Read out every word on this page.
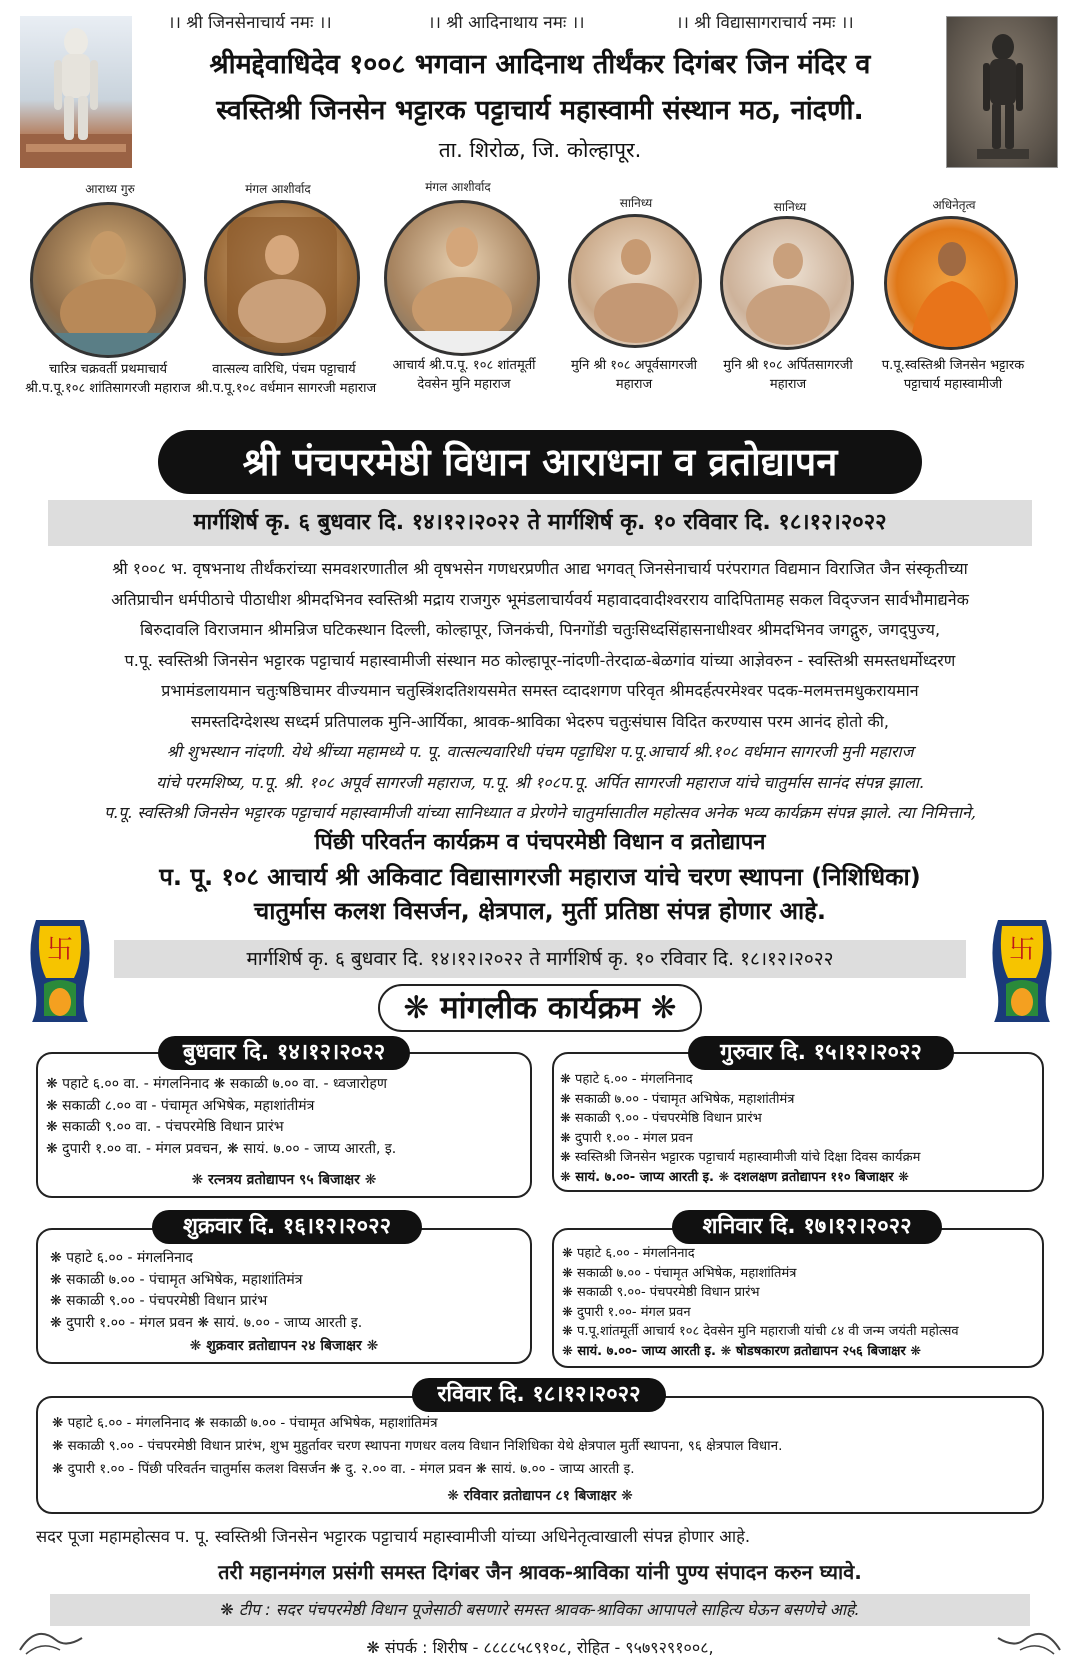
।। श्री जिनसेनाचार्य नमः ।।	।। श्री आदिनाथाय नमः ।।	।। श्री विद्यासागराचार्य नमः ।।
श्रीमद्देवाधिदेव १००८ भगवान आदिनाथ तीर्थंकर दिगंबर जिन मंदिर व
स्वस्तिश्री जिनसेन भट्टारक पट्टाचार्य महास्वामी संस्थान मठ, नांदणी.
ता. शिरोळ, जि. कोल्हापूर.
आराध्य गुरु	मंगल आशीर्वाद	मंगल आशीर्वाद
सानिध्य	सानिध्य	अधिनेतृत्व
चारित्र चक्रवर्ती प्रथमाचार्य
श्री.प.पू.१०८ शांतिसागरजी महाराज
वात्सल्य वारिधि, पंचम पट्टाचार्य
श्री.प.पू.१०८ वर्धमान सागरजी महाराज
आचार्य श्री.प.पू. १०८ शांतमूर्ती
देवसेन मुनि महाराज
मुनि श्री १०८ अपूर्वसागरजी
महाराज
मुनि श्री १०८ अर्पितसागरजी
महाराज
प.पू.स्वस्तिश्री जिनसेन भट्टारक
पट्टाचार्य महास्वामीजी
श्री पंचपरमेष्ठी विधान आराधना व व्रतोद्यापन
मार्गशिर्ष कृ. ६ बुधवार दि. १४।१२।२०२२ ते मार्गशिर्ष कृ. १० रविवार दि. १८।१२।२०२२

श्री १००८ भ. वृषभनाथ तीर्थंकरांच्या समवशरणातील श्री वृषभसेन गणधरप्रणीत आद्य भगवत् जिनसेनाचार्य परंपरागत विद्यमान विराजित जैन संस्कृतीच्या

अतिप्राचीन धर्मपीठाचे पीठाधीश श्रीमदभिनव स्वस्तिश्री मद्राय राजगुरु भूमंडलाचार्यवर्य महावादवादीश्वरराय वादिपितामह सकल विद्ज्जन सार्वभौमाद्यनेक

बिरुदावलि विराजमान श्रीमन्रिज घटिकस्थान दिल्ली, कोल्हापूर, जिनकंची, पिनगोंडी चतुःसिध्दसिंहासनाधीश्वर श्रीमदभिनव जगद्गुरु, जगद्पुज्य,

प.पू. स्वस्तिश्री जिनसेन भट्टारक पट्टाचार्य महास्वामीजी संस्थान मठ कोल्हापूर-नांदणी-तेरदाळ-बेळगांव यांच्या आज्ञेवरुन - स्वस्तिश्री समस्तधर्मोध्दरण

प्रभामंडलायमान चतुःषष्ठिचामर वीज्यमान चतुस्त्रिंशदतिशयसमेत समस्त व्दादशगण परिवृत श्रीमदर्हत्परमेश्वर पदक-मलमत्तमधुकरायमान

समस्तदिग्देशस्थ सध्दर्म प्रतिपालक मुनि-आर्यिका, श्रावक-श्राविका भेदरुप चतुःसंघास विदित करण्यास परम आनंद होतो की,

श्री शुभस्थान नांदणी. येथे श्रींच्या महामध्ये प. पू. वात्सल्यवारिधी पंचम पट्टाधिश प.पू.आचार्य श्री.१०८ वर्धमान सागरजी मुनी महाराज

यांचे परमशिष्य, प.पू. श्री. १०८ अपूर्व सागरजी महाराज, प.पू. श्री १०८प.पू. अर्पित सागरजी महाराज यांचे चातुर्मास सानंद संपन्न झाला.

प.पू. स्वस्तिश्री जिनसेन भट्टारक पट्टाचार्य महास्वामीजी यांच्या सानिध्यात व प्रेरणेने चातुर्मासातील महोत्सव अनेक भव्य कार्यक्रम संपन्न झाले. त्या निमित्ताने,

पिंछी परिवर्तन कार्यक्रम व पंचपरमेष्ठी विधान व व्रतोद्यापन

प. पू. १०८ आचार्य श्री अकिवाट विद्यासागरजी महाराज यांचे चरण स्थापना (निशिधिका)

चातुर्मास कलश विसर्जन, क्षेत्रपाल, मुर्ती प्रतिष्ठा संपन्न होणार आहे.

卐	卐
मार्गशिर्ष कृ. ६ बुधवार दि. १४।१२।२०२२ ते मार्गशिर्ष कृ. १० रविवार दि. १८।१२।२०२२
❋ मांगलीक कार्यक्रम ❋
बुधवार दि. १४।१२।२०२२

❋ पहाटे ६.०० वा. - मंगलनिनाद ❋ सकाळी ७.०० वा. - ध्वजारोहण

❋ सकाळी ८.०० वा - पंचामृत अभिषेक, महाशांतीमंत्र

❋ सकाळी ९.०० वा. - पंचपरमेष्ठि विधान प्रारंभ

❋ दुपारी १.०० वा. - मंगल प्रवचन, ❋ सायं. ७.०० - जाप्य आरती, इ.

❋ रत्नत्रय व्रतोद्यापन ९५ बिजाक्षर ❋
गुरुवार दि. १५।१२।२०२२

❋ पहाटे ६.०० - मंगलनिनाद

❋ सकाळी ७.०० - पंचामृत अभिषेक, महाशांतीमंत्र

❋ सकाळी ९.०० - पंचपरमेष्ठि विधान प्रारंभ

❋ दुपारी १.०० - मंगल प्रवन

❋ स्वस्तिश्री जिनसेन भट्टारक पट्टाचार्य महास्वामीजी यांचे दिक्षा दिवस कार्यक्रम

❋ सायं. ७.००- जाप्य आरती इ. ❋ दशलक्षण व्रतोद्यापन ११० बिजाक्षर ❋

शुक्रवार दि. १६।१२।२०२२

❋ पहाटे ६.०० - मंगलनिनाद

❋ सकाळी ७.०० - पंचामृत अभिषेक, महाशांतिमंत्र

❋ सकाळी ९.०० - पंचपरमेष्ठी विधान प्रारंभ

❋ दुपारी १.०० - मंगल प्रवन ❋ सायं. ७.०० - जाप्य आरती इ.

❋ शुक्रवार व्रतोद्यापन २४ बिजाक्षर ❋
शनिवार दि. १७।१२।२०२२

❋ पहाटे ६.०० - मंगलनिनाद

❋ सकाळी ७.०० - पंचामृत अभिषेक, महाशांतिमंत्र

❋ सकाळी ९.००- पंचपरमेष्ठी विधान प्रारंभ

❋ दुपारी १.००- मंगल प्रवन

❋ प.पू.शांतमूर्ती आचार्य १०८ देवसेन मुनि महाराजी यांची ८४ वी जन्म जयंती महोत्सव

❋ सायं. ७.००- जाप्य आरती इ. ❋ षोडषकारण व्रतोद्यापन २५६ बिजाक्षर ❋

रविवार दि. १८।१२।२०२२

❋ पहाटे ६.०० - मंगलनिनाद ❋ सकाळी ७.०० - पंचामृत अभिषेक, महाशांतिमंत्र

❋ सकाळी ९.०० - पंचपरमेष्ठी विधान प्रारंभ, शुभ मुहुर्तावर चरण स्थापना गणधर वलय विधान निशिधिका येथे क्षेत्रपाल मुर्ती स्थापना, ९६ क्षेत्रपाल विधान.

❋ दुपारी १.०० - पिंछी परिवर्तन चातुर्मास कलश विसर्जन ❋ दु. २.०० वा. - मंगल प्रवन ❋ सायं. ७.०० - जाप्य आरती इ.

❋ रविवार व्रतोद्यापन ८१ बिजाक्षर ❋
सदर पूजा महामहोत्सव प. पू. स्वस्तिश्री जिनसेन भट्टारक पट्टाचार्य महास्वामीजी यांच्या अधिनेतृत्वाखाली संपन्न होणार आहे.
तरी महानमंगल प्रसंगी समस्त दिगंबर जैन श्रावक-श्राविका यांनी पुण्य संपादन करुन घ्यावे.
❋ टीप : सदर पंचपरमेष्ठी विधान पूजेसाठी बसणारे समस्त श्रावक-श्राविका आपापले साहित्य घेऊन बसणेचे आहे.
❋ संपर्क : शिरीष - ८८८८५८९१०८, रोहित - ९५७९२९१००८,
